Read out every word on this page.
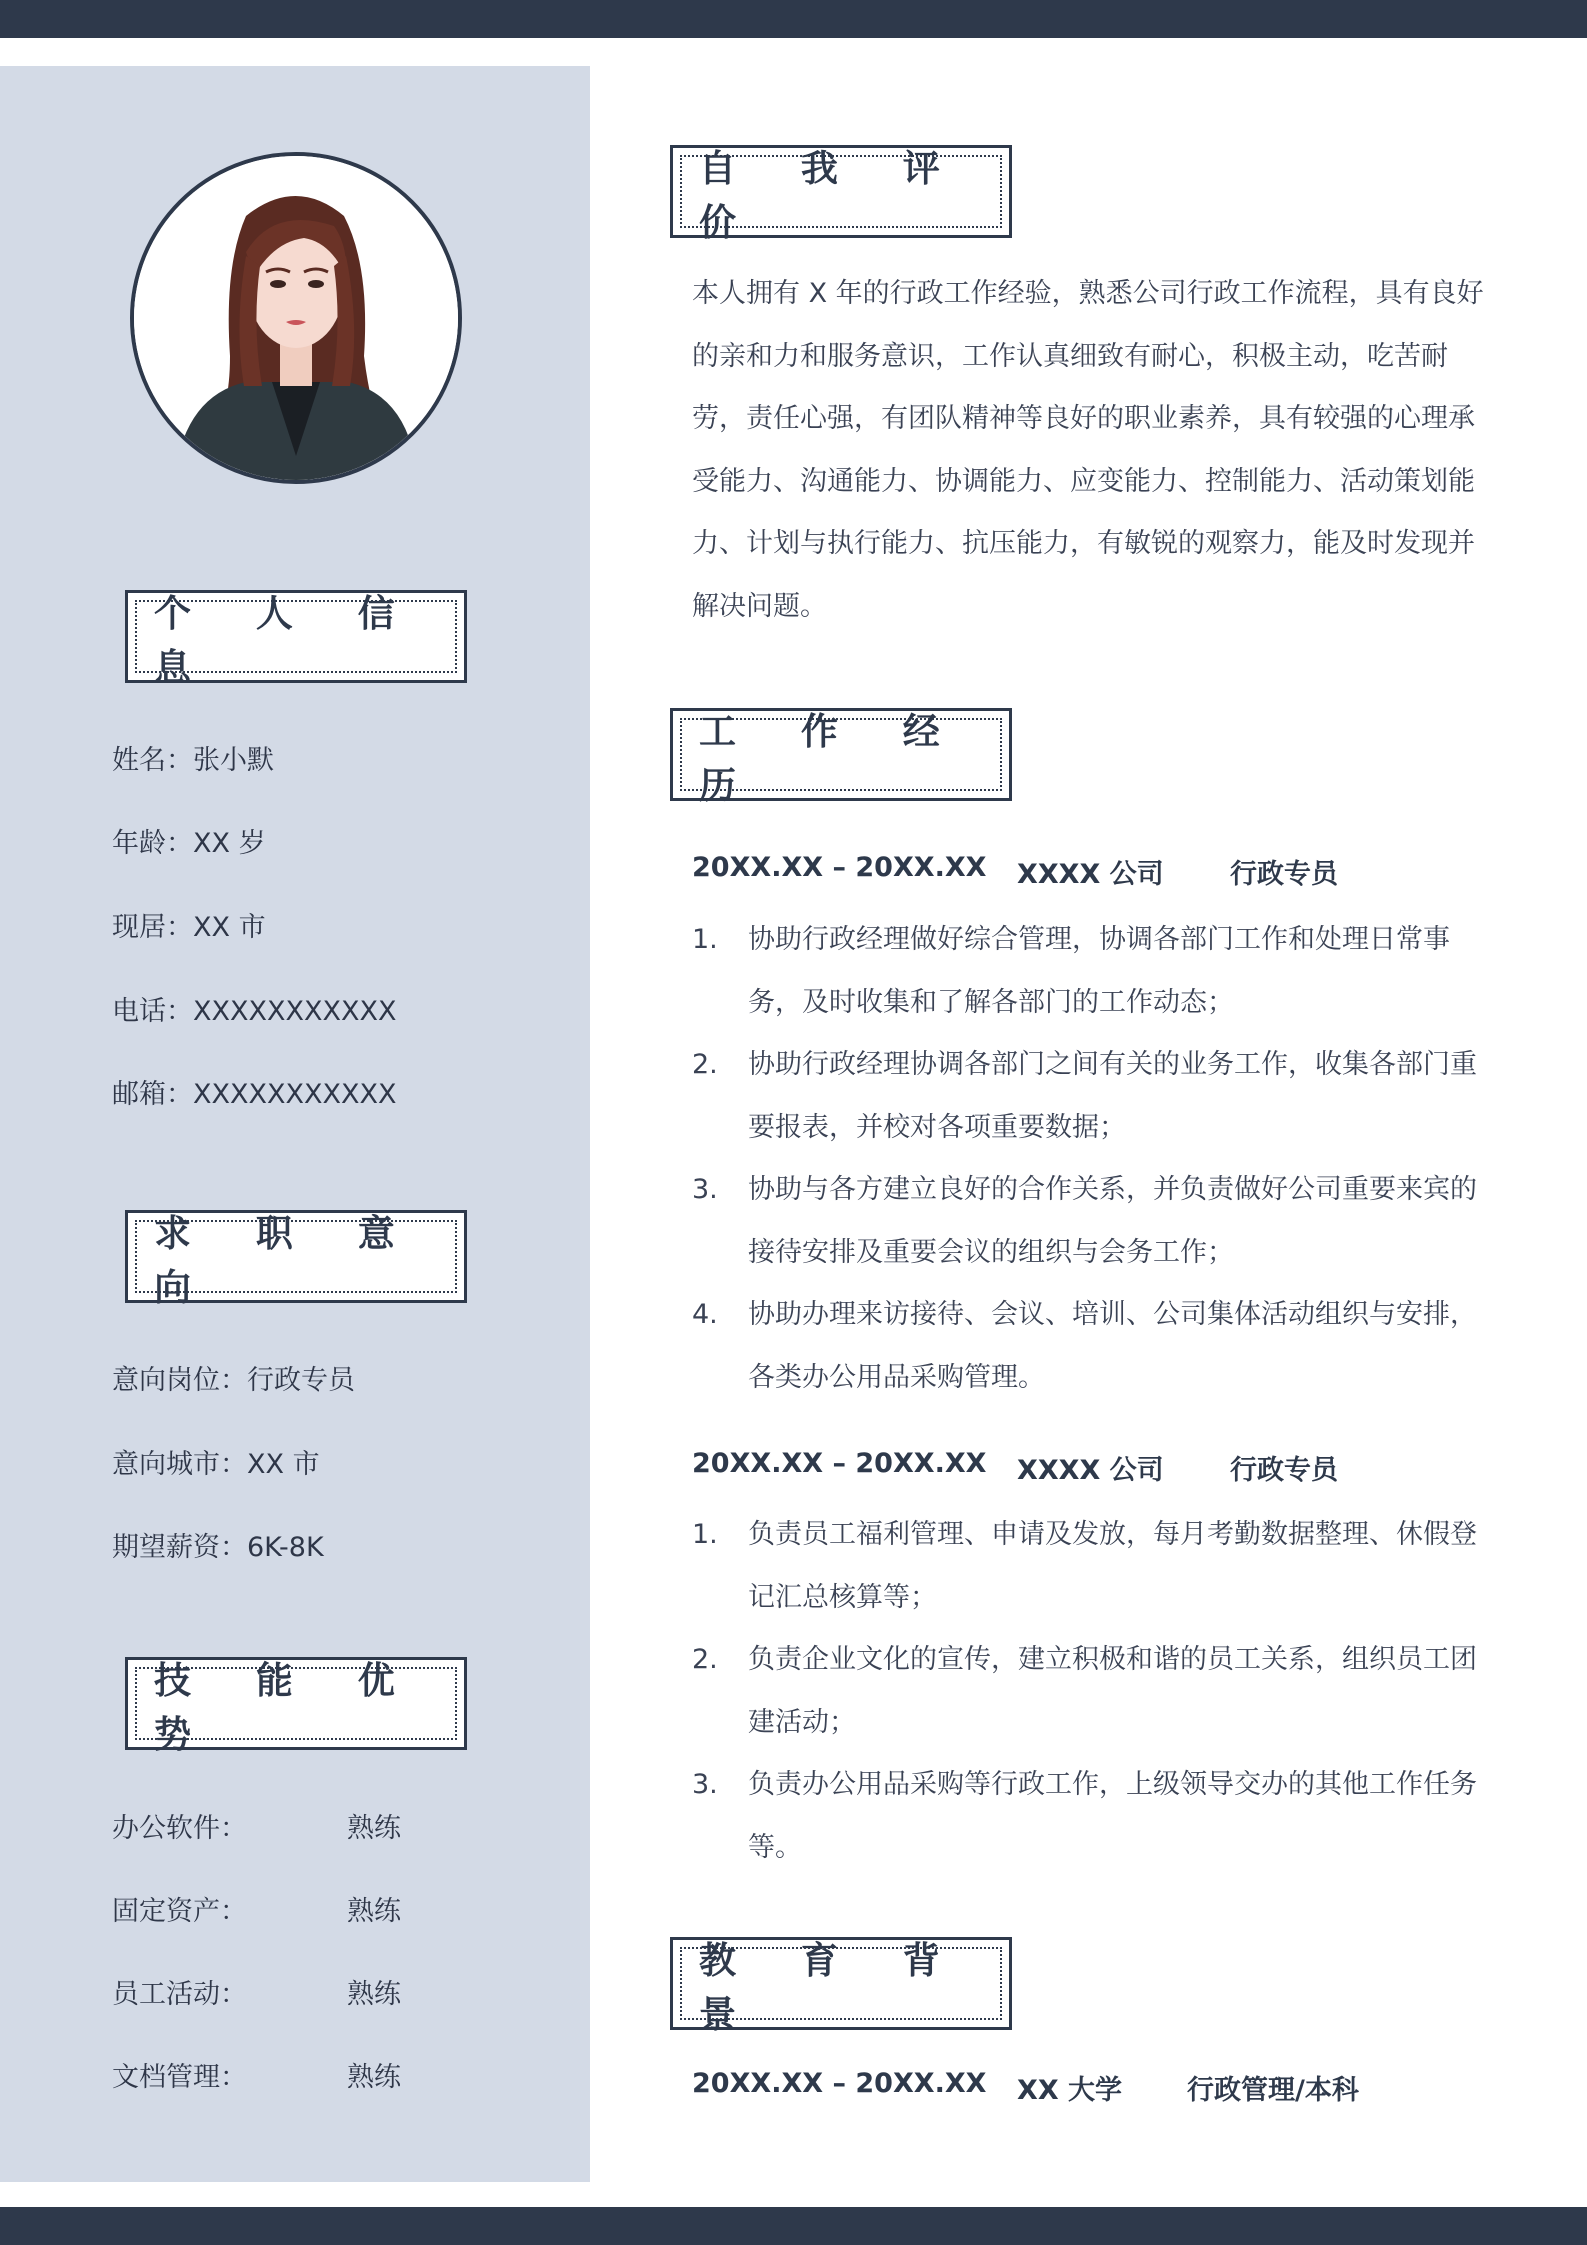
个 人 信 息
姓名：张小默
年龄：XX 岁
现居：XX 市
电话：XXXXXXXXXXX
邮箱：XXXXXXXXXXX
求 职 意 向
意向岗位：行政专员
意向城市：XX 市
期望薪资：6K-8K
技 能 优 势
办公软件：	熟练
固定资产：	熟练
员工活动：	熟练
文档管理：	熟练
自 我 评 价
本人拥有 X 年的行政工作经验，熟悉公司行政工作流程，具有良好的亲和力和服务意识，工作认真细致有耐心，积极主动，吃苦耐劳，责任心强，有团队精神等良好的职业素养，具有较强的心理承受能力、沟通能力、协调能力、应变能力、控制能力、活动策划能力、计划与执行能力、抗压能力，有敏锐的观察力，能及时发现并解决问题。
工 作 经 历
20XX.XX – 20XX.XX XXXX 公司 行政专员
1. 协助行政经理做好综合管理，协调各部门工作和处理日常事务，及时收集和了解各部门的工作动态；
2. 协助行政经理协调各部门之间有关的业务工作，收集各部门重要报表，并校对各项重要数据；
3. 协助与各方建立良好的合作关系，并负责做好公司重要来宾的接待安排及重要会议的组织与会务工作；
4. 协助办理来访接待、会议、培训、公司集体活动组织与安排，各类办公用品采购管理。
20XX.XX – 20XX.XX XXXX 公司 行政专员
1. 负责员工福利管理、申请及发放，每月考勤数据整理、休假登记汇总核算等；
2. 负责企业文化的宣传，建立积极和谐的员工关系，组织员工团建活动；
3. 负责办公用品采购等行政工作，上级领导交办的其他工作任务等。
教 育 背 景
20XX.XX – 20XX.XX XX 大学 行政管理/本科
